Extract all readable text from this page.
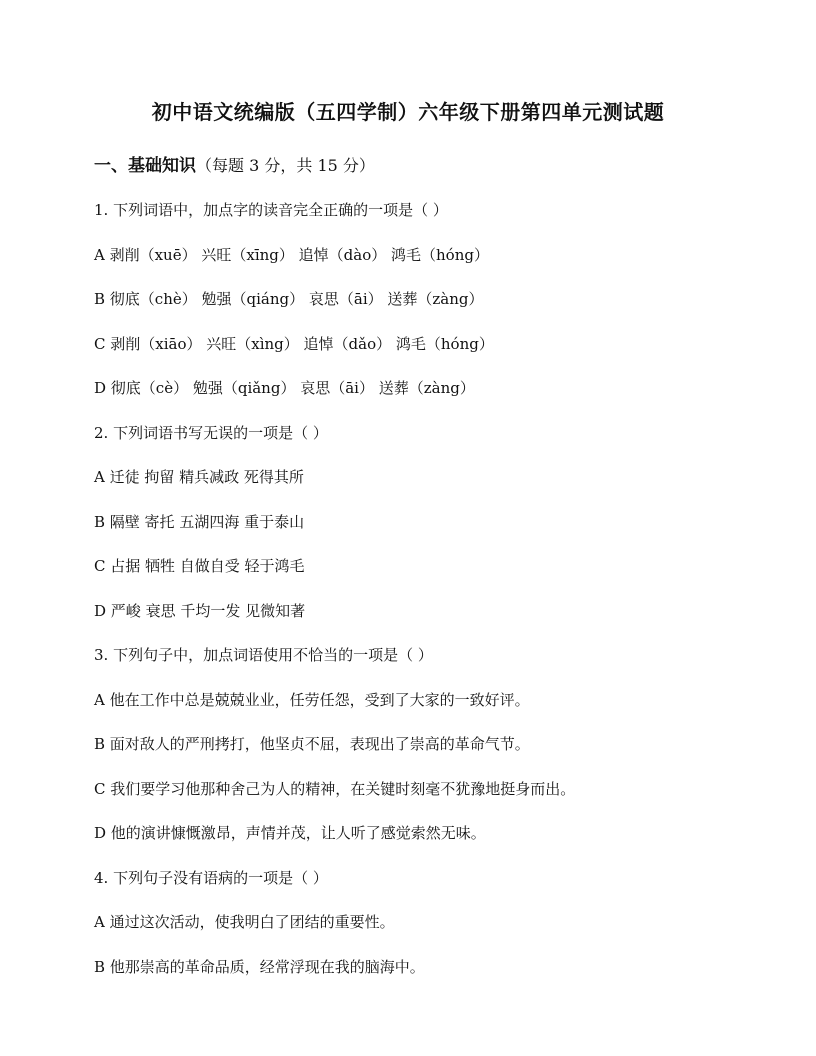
初中语文统编版（五四学制）六年级下册第四单元测试题
一、基础知识（每题 3 分，共 15 分）
1. 下列词语中，加点字的读音完全正确的一项是（ ）
A 剥削（xuē） 兴旺（xīng） 追悼（dào） 鸿毛（hóng）
B 彻底（chè） 勉强（qiáng） 哀思（āi） 送葬（zàng）
C 剥削（xiāo） 兴旺（xìng） 追悼（dǎo） 鸿毛（hóng）
D 彻底（cè） 勉强（qiǎng） 哀思（āi） 送葬（zàng）
2. 下列词语书写无误的一项是（ ）
A 迁徒 拘留 精兵减政 死得其所
B 隔壁 寄托 五湖四海 重于泰山
C 占据 牺牲 自做自受 轻于鸿毛
D 严峻 衰思 千均一发 见微知著
3. 下列句子中，加点词语使用不恰当的一项是（ ）
A 他在工作中总是兢兢业业，任劳任怨，受到了大家的一致好评。
B 面对敌人的严刑拷打，他坚贞不屈，表现出了崇高的革命气节。
C 我们要学习他那种舍己为人的精神，在关键时刻毫不犹豫地挺身而出。
D 他的演讲慷慨激昂，声情并茂，让人听了感觉索然无味。
4. 下列句子没有语病的一项是（ ）
A 通过这次活动，使我明白了团结的重要性。
B 他那崇高的革命品质，经常浮现在我的脑海中。
